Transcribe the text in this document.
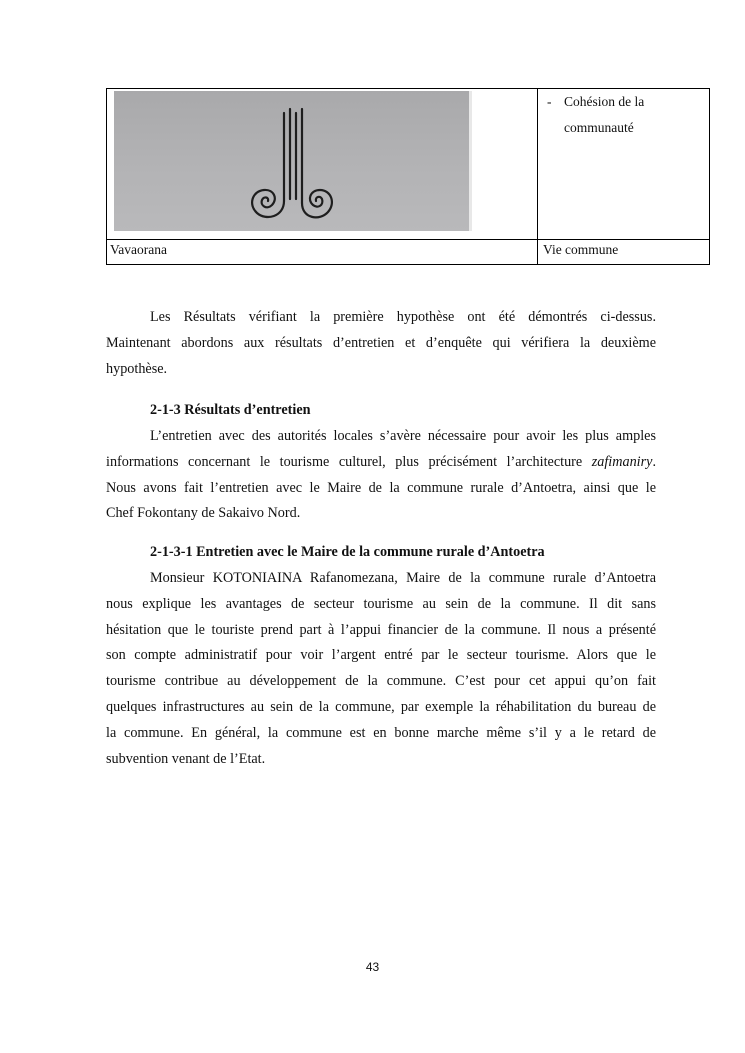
- Cohésion de la
communauté
Vavaorana	Vie commune
Les Résultats vérifiant la première hypothèse ont été démontrés ci-dessus.
Maintenant abordons aux résultats d’entretien et d’enquête qui vérifiera la deuxième
hypothèse.
2-1-3 Résultats d’entretien
L’entretien avec des autorités locales s’avère nécessaire pour avoir les plus amples
informations concernant le tourisme culturel, plus précisément l’architecture zafimaniry.
Nous avons fait l’entretien avec le Maire de la commune rurale d’Antoetra, ainsi que le
Chef Fokontany de Sakaivo Nord.
2-1-3-1 Entretien avec le Maire de la commune rurale d’Antoetra
Monsieur KOTONIAINA Rafanomezana, Maire de la commune rurale d’Antoetra
nous explique les avantages de secteur tourisme au sein de la commune. Il dit sans
hésitation que le touriste prend part à l’appui financier de la commune. Il nous a présenté
son compte administratif pour voir l’argent entré par le secteur tourisme. Alors que le
tourisme contribue au développement de la commune. C’est pour cet appui qu’on fait
quelques infrastructures au sein de la commune, par exemple la réhabilitation du bureau de
la commune. En général, la commune est en bonne marche même s’il y a le retard de
subvention venant de l’Etat.
43
